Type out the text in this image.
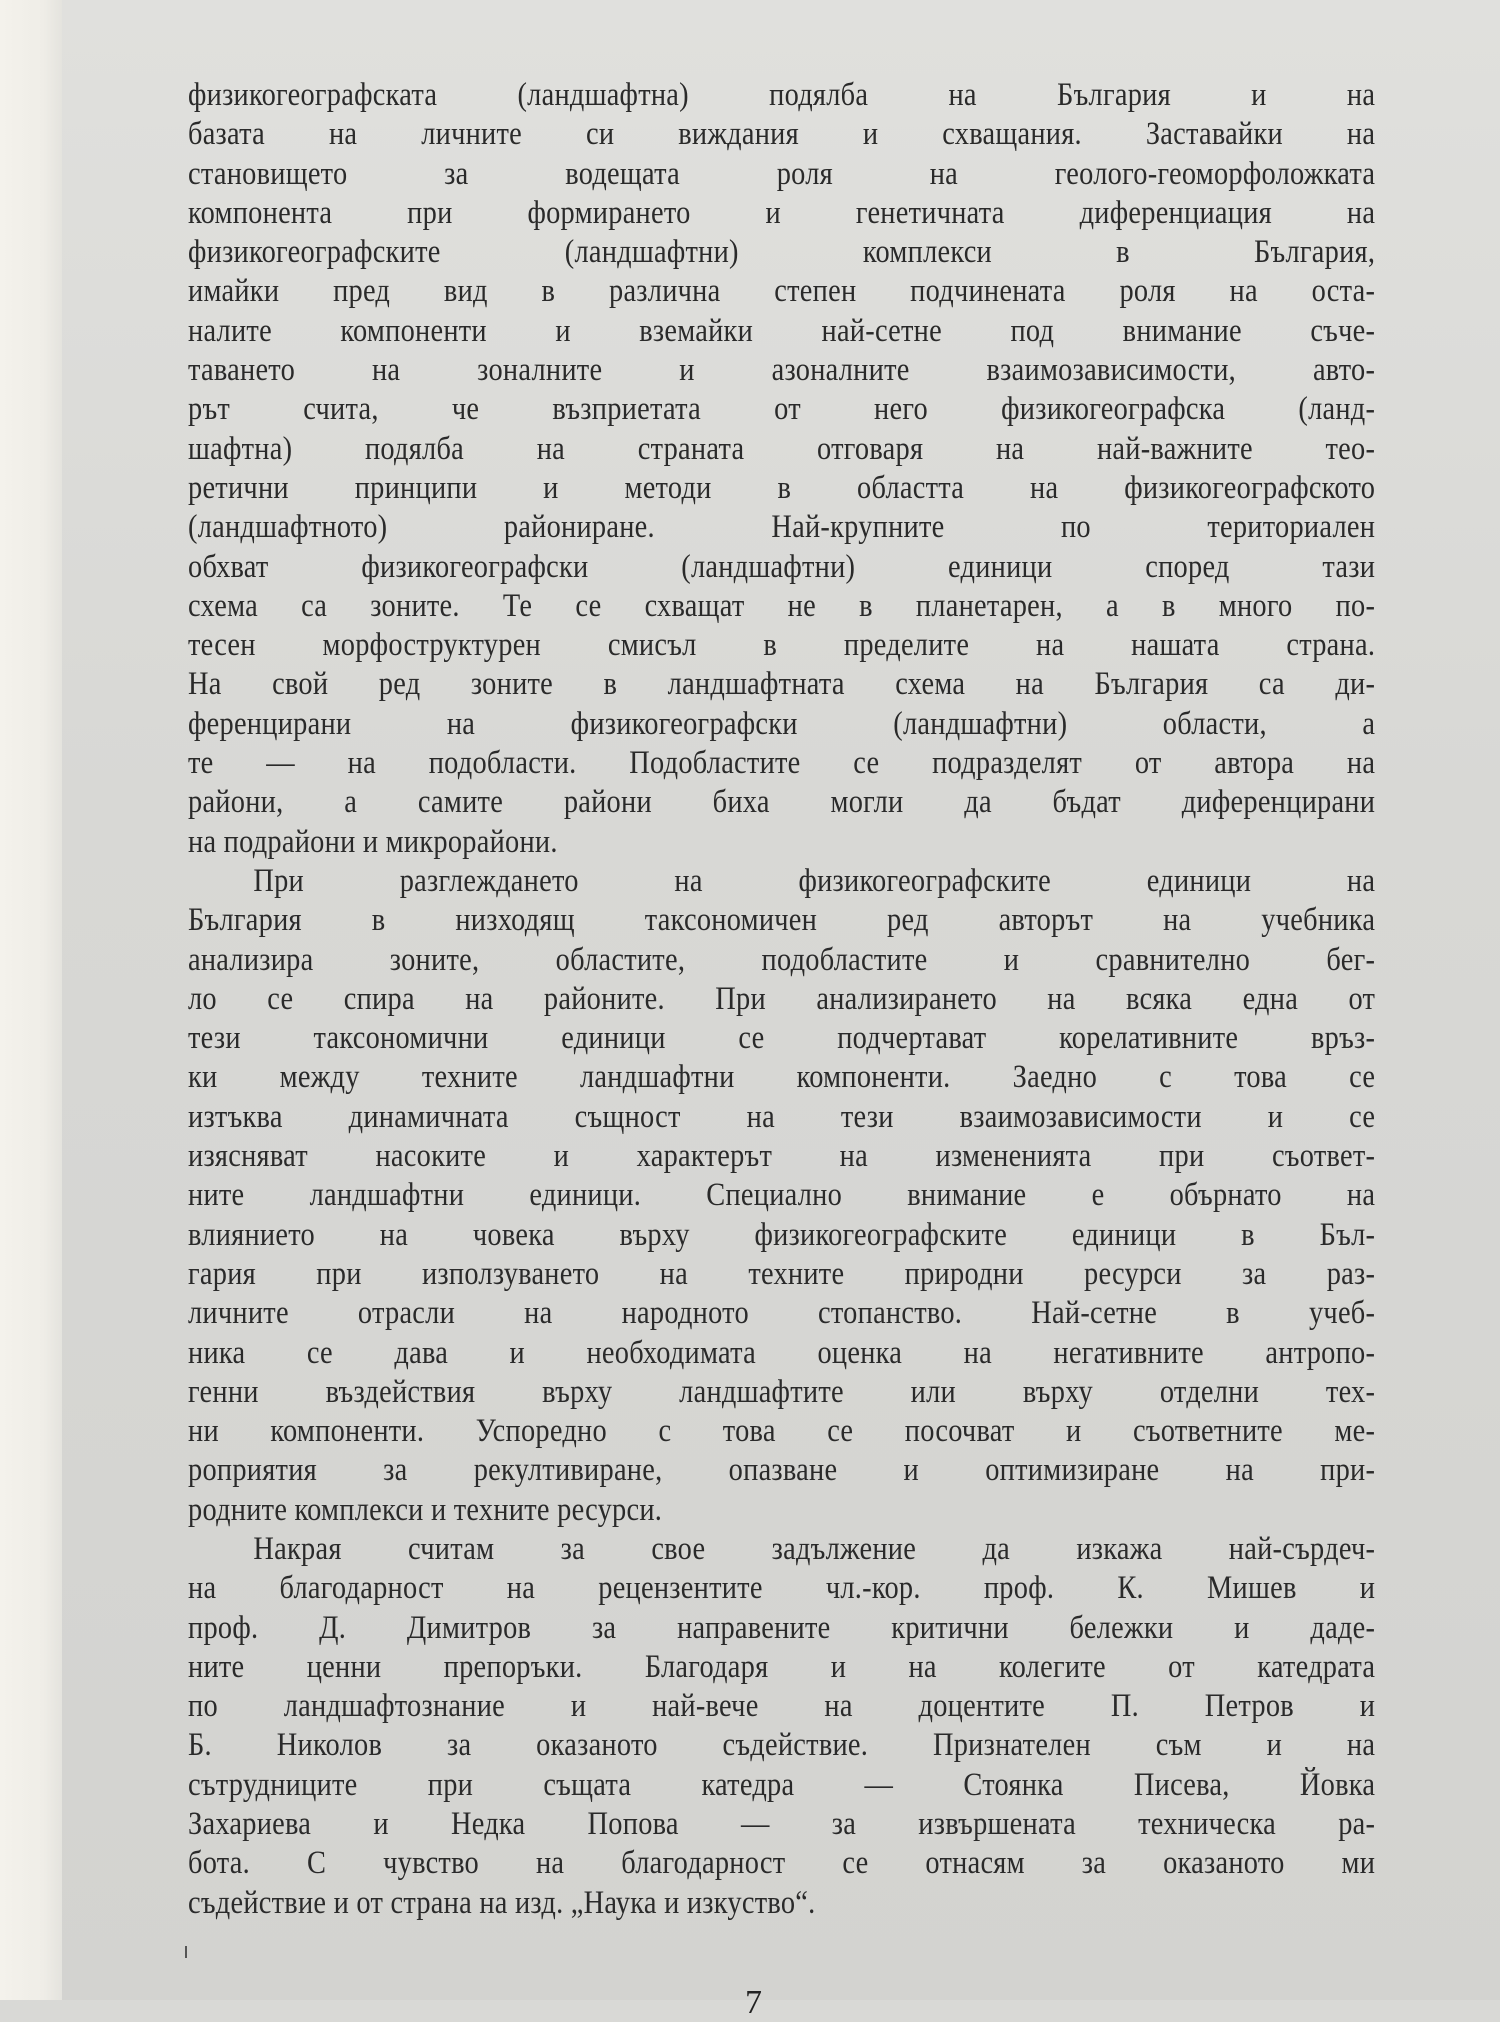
физикогеографската (ландшафтна) подялба на България и на
базата на личните си виждания и схващания. Заставайки на
становището за водещата роля на геолого-геоморфоложката
компонента при формирането и генетичната диференциация на
физикогеографските (ландшафтни) комплекси в България,
имайки пред вид в различна степен подчинената роля на оста-
налите компоненти и вземайки най-сетне под внимание съче-
таването на зоналните и азоналните взаимозависимости, авто-
рът счита, че възприетата от него физикогеографска (ланд-
шафтна) подялба на страната отговаря на най-важните тео-
ретични принципи и методи в областта на физикогеографското
(ландшафтното) райониране. Най-крупните по териториален
обхват физикогеографски (ландшафтни) единици според тази
схема са зоните. Те се схващат не в планетарен, а в много по-
тесен морфоструктурен смисъл в пределите на нашата страна.
На свой ред зоните в ландшафтната схема на България са ди-
ференцирани на физикогеографски (ландшафтни) области, а
те — на подобласти. Подобластите се подразделят от автора на
райони, а самите райони биха могли да бъдат диференцирани
на подрайони и микрорайони.
При разглеждането на физикогеографските единици на
България в низходящ таксономичен ред авторът на учебника
анализира зоните, областите, подобластите и сравнително бег-
ло се спира на районите. При анализирането на всяка една от
тези таксономични единици се подчертават корелативните връз-
ки между техните ландшафтни компоненти. Заедно с това се
изтъква динамичната същност на тези взаимозависимости и се
изясняват насоките и характерът на измененията при съответ-
ните ландшафтни единици. Специално внимание е обърнато на
влиянието на човека върху физикогеографските единици в Бъл-
гария при използуването на техните природни ресурси за раз-
личните отрасли на народното стопанство. Най-сетне в учеб-
ника се дава и необходимата оценка на негативните антропо-
генни въздействия върху ландшафтите или върху отделни тех-
ни компоненти. Успоредно с това се посочват и съответните ме-
роприятия за рекултивиране, опазване и оптимизиране на при-
родните комплекси и техните ресурси.
Накрая считам за свое задължение да изкажа най-сърдеч-
на благодарност на рецензентите чл.-кор. проф. К. Мишев и
проф. Д. Димитров за направените критични бележки и даде-
ните ценни препоръки. Благодаря и на колегите от катедрата
по ландшафтознание и най-вече на доцентите П. Петров и
Б. Николов за оказаното съдействие. Признателен съм и на
сътрудниците при същата катедра — Стоянка Писева, Йовка
Захариева и Недка Попова — за извършената техническа ра-
бота. С чувство на благодарност се отнасям за оказаното ми
съдействие и от страна на изд. „Наука и изкуство“.
7
